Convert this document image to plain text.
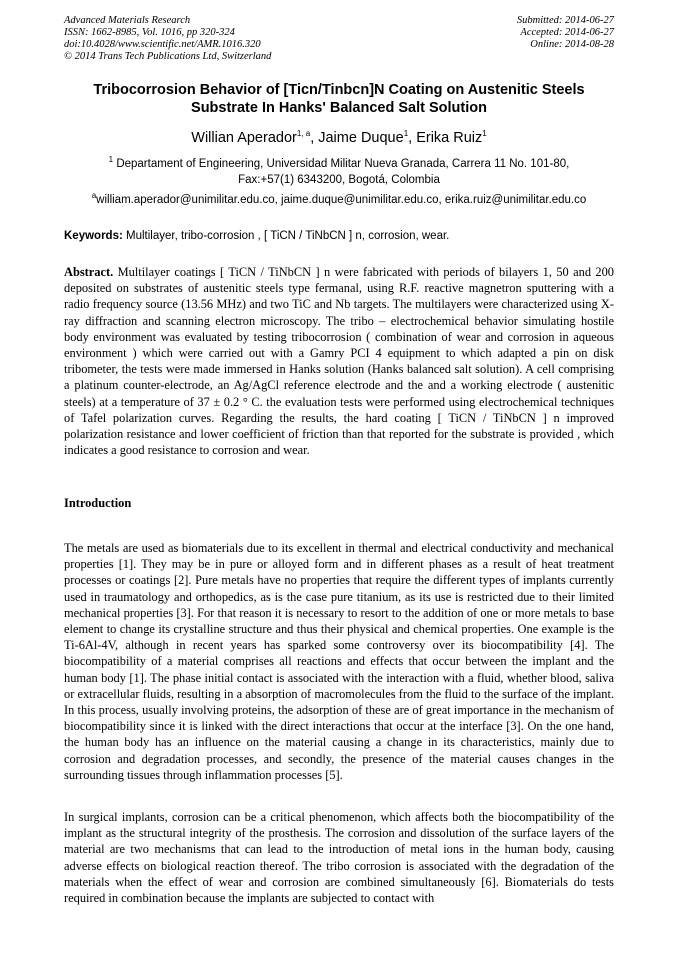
Advanced Materials Research
ISSN: 1662-8985, Vol. 1016, pp 320-324
doi:10.4028/www.scientific.net/AMR.1016.320
© 2014 Trans Tech Publications Ltd, Switzerland
Submitted: 2014-06-27
Accepted: 2014-06-27
Online: 2014-08-28
Tribocorrosion Behavior of [Ticn/Tinbcn]N Coating on Austenitic Steels
Substrate In Hanks' Balanced Salt Solution
Willian Aperador$^{1, a}$, Jaime Duque$^1$, Erika Ruiz$^1$
$^1$ Departament of Engineering, Universidad Militar Nueva Granada, Carrera 11 No. 101-80,
Fax:+57(1) 6343200, Bogotá, Colombia
$^a$william.aperador@unimilitar.edu.co, jaime.duque@unimilitar.edu.co, erika.ruiz@unimilitar.edu.co
Keywords: Multilayer, tribo-corrosion , [ TiCN / TiNbCN ] n, corrosion, wear.
Abstract. Multilayer coatings [ TiCN / TiNbCN ] n were fabricated with periods of bilayers 1, 50 and 200 deposited on substrates of austenitic steels type fermanal, using R.F. reactive magnetron sputtering with a radio frequency source (13.56 MHz) and two TiC and Nb targets. The multilayers were characterized using X-ray diffraction and scanning electron microscopy. The tribo – electrochemical behavior simulating hostile body environment was evaluated by testing tribocorrosion ( combination of wear and corrosion in aqueous environment ) which were carried out with a Gamry PCI 4 equipment to which adapted a pin on disk tribometer, the tests were made immersed in Hanks solution (Hanks balanced salt solution). A cell comprising a platinum counter-electrode, an Ag/AgCl reference electrode and the and a working electrode ( austenitic steels) at a temperature of 37 ± 0.2 ° C. the evaluation tests were performed using electrochemical techniques of Tafel polarization curves. Regarding the results, the hard coating [ TiCN / TiNbCN ] n improved polarization resistance and lower coefficient of friction than that reported for the substrate is provided , which indicates a good resistance to corrosion and wear.
Introduction
The metals are used as biomaterials due to its excellent in thermal and electrical conductivity and mechanical properties [1]. They may be in pure or alloyed form and in different phases as a result of heat treatment processes or coatings [2]. Pure metals have no properties that require the different types of implants currently used in traumatology and orthopedics, as is the case pure titanium, as its use is restricted due to their limited mechanical properties [3]. For that reason it is necessary to resort to the addition of one or more metals to base element to change its crystalline structure and thus their physical and chemical properties. One example is the Ti-6Al-4V, although in recent years has sparked some controversy over its biocompatibility [4]. The biocompatibility of a material comprises all reactions and effects that occur between the implant and the human body [1]. The phase initial contact is associated with the interaction with a fluid, whether blood, saliva or extracellular fluids, resulting in a absorption of macromolecules from the fluid to the surface of the implant. In this process, usually involving proteins, the adsorption of these are of great importance in the mechanism of biocompatibility since it is linked with the direct interactions that occur at the interface [3]. On the one hand, the human body has an influence on the material causing a change in its characteristics, mainly due to corrosion and degradation processes, and secondly, the presence of the material causes changes in the surrounding tissues through inflammation processes [5].
In surgical implants, corrosion can be a critical phenomenon, which affects both the biocompatibility of the implant as the structural integrity of the prosthesis. The corrosion and dissolution of the surface layers of the material are two mechanisms that can lead to the introduction of metal ions in the human body, causing adverse effects on biological reaction thereof. The tribo corrosion is associated with the degradation of the materials when the effect of wear and corrosion are combined simultaneously [6]. Biomaterials do tests required in combination because the implants are subjected to contact with
